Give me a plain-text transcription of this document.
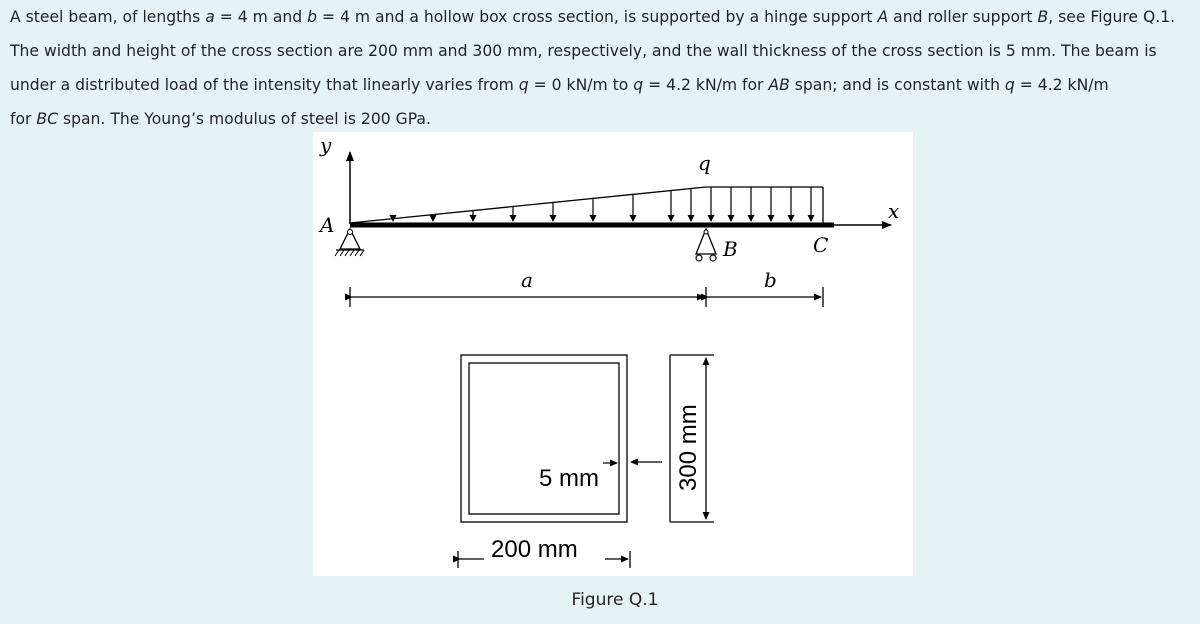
A steel beam, of lengths a = 4 m and b = 4 m and a hollow box cross section, is supported by a hinge support A and roller support B, see Figure Q.1. The width and height of the cross section are 200 mm and 300 mm, respectively, and the wall thickness of the cross section is 5 mm. The beam is under a distributed load of the intensity that linearly varies from q = 0 kN/m to q = 4.2 kN/m for AB span; and is constant with q = 4.2 kN/m
for BC span. The Young’s modulus of steel is 200 GPa.

y
q
x
A
B	C
a	b
5 mm
200 mm
300 mm
Figure Q.1
